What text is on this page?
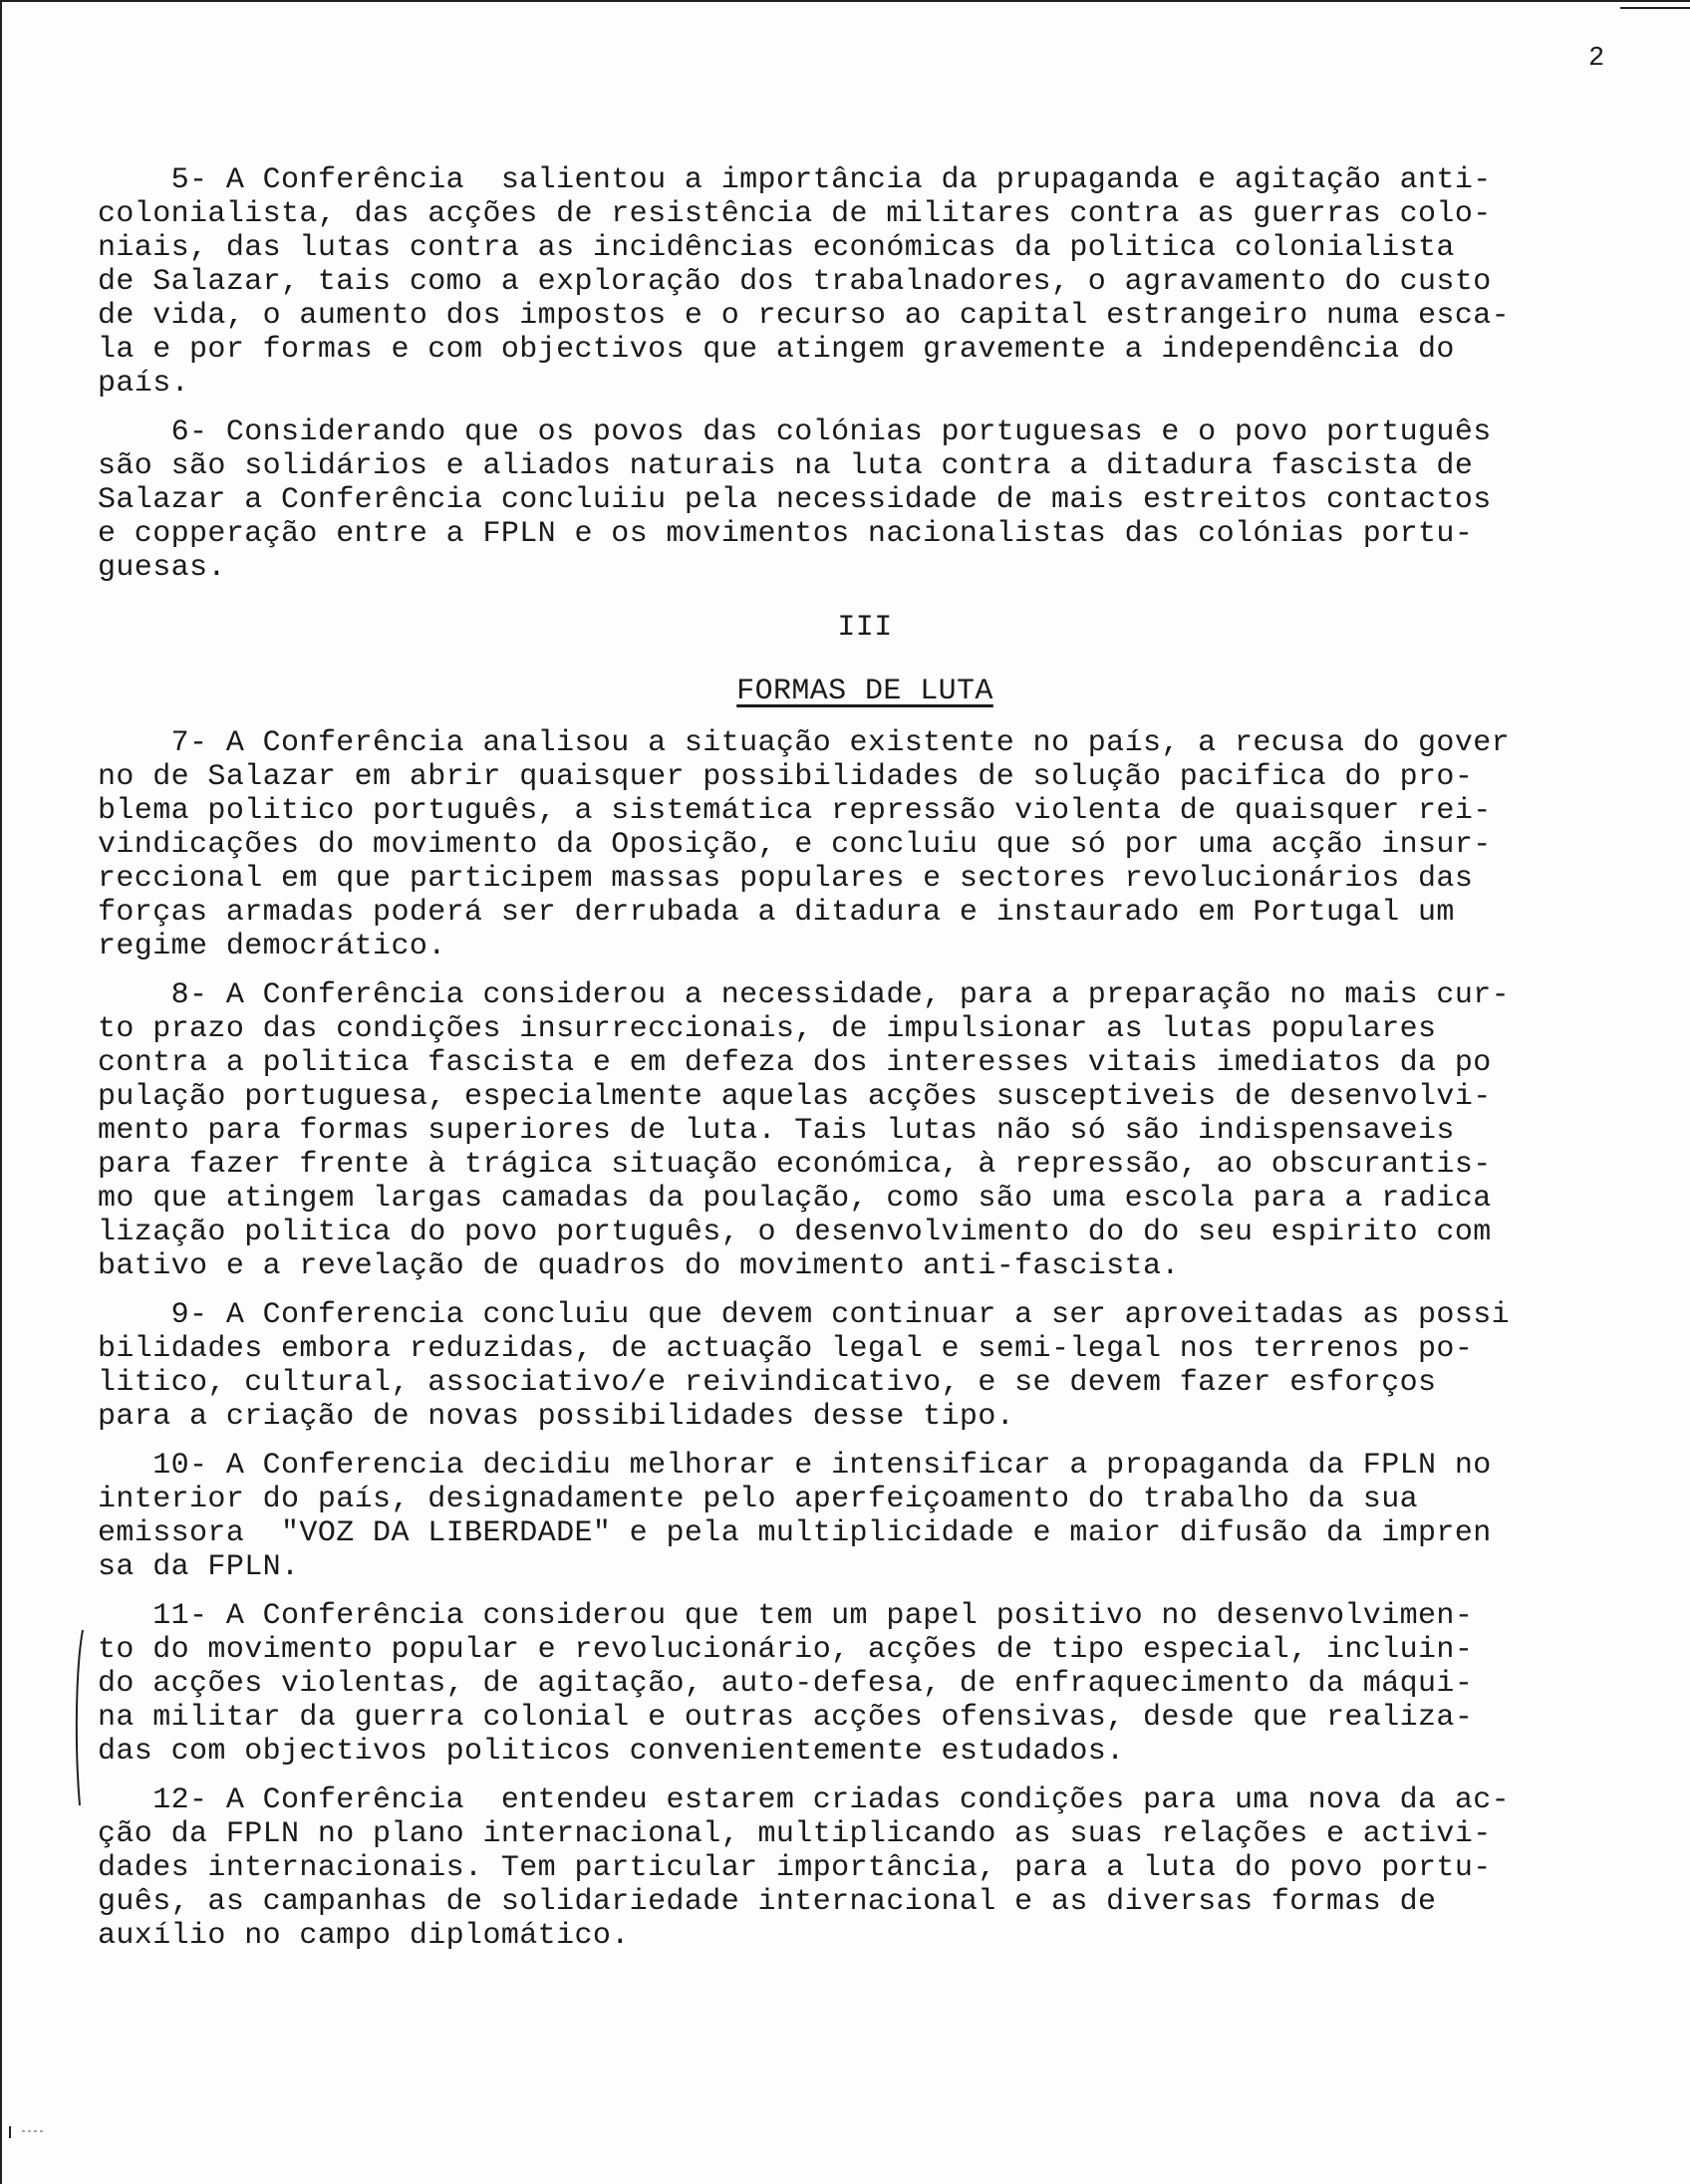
2
5- A Conferência  salientou a importância da prupaganda e agitação anti-
colonialista, das acções de resistência de militares contra as guerras colo-
niais, das lutas contra as incidências económicas da politica colonialista
de Salazar, tais como a exploração dos trabalnadores, o agravamento do custo
de vida, o aumento dos impostos e o recurso ao capital estrangeiro numa esca-
la e por formas e com objectivos que atingem gravemente a independência do
país.
6- Considerando que os povos das colónias portuguesas e o povo português
são são solidários e aliados naturais na luta contra a ditadura fascista de
Salazar a Conferência concluiiu pela necessidade de mais estreitos contactos
e copperação entre a FPLN e os movimentos nacionalistas das colónias portu-
guesas.
III
FORMAS DE LUTA
7- A Conferência analisou a situação existente no país, a recusa do gover
no de Salazar em abrir quaisquer possibilidades de solução pacifica do pro-
blema politico português, a sistemática repressão violenta de quaisquer rei-
vindicações do movimento da Oposição, e concluiu que só por uma acção insur-
reccional em que participem massas populares e sectores revolucionários das
forças armadas poderá ser derrubada a ditadura e instaurado em Portugal um
regime democrático.
8- A Conferência considerou a necessidade, para a preparação no mais cur-
to prazo das condições insurreccionais, de impulsionar as lutas populares
contra a politica fascista e em defeza dos interesses vitais imediatos da po
pulação portuguesa, especialmente aquelas acções susceptiveis de desenvolvi-
mento para formas superiores de luta. Tais lutas não só são indispensaveis
para fazer frente à trágica situação económica, à repressão, ao obscurantis-
mo que atingem largas camadas da poulação, como são uma escola para a radica
lização politica do povo português, o desenvolvimento do do seu espirito com
bativo e a revelação de quadros do movimento anti-fascista.
9- A Conferencia concluiu que devem continuar a ser aproveitadas as possi
bilidades embora reduzidas, de actuação legal e semi-legal nos terrenos po-
litico, cultural, associativo/e reivindicativo, e se devem fazer esforços
para a criação de novas possibilidades desse tipo.
10- A Conferencia decidiu melhorar e intensificar a propaganda da FPLN no
interior do país, designadamente pelo aperfeiçoamento do trabalho da sua
emissora  "VOZ DA LIBERDADE" e pela multiplicidade e maior difusão da impren
sa da FPLN.
11- A Conferência considerou que tem um papel positivo no desenvolvimen-
to do movimento popular e revolucionário, acções de tipo especial, incluin-
do acções violentas, de agitação, auto-defesa, de enfraquecimento da máqui-
na militar da guerra colonial e outras acções ofensivas, desde que realiza-
das com objectivos politicos convenientemente estudados.
12- A Conferência  entendeu estarem criadas condições para uma nova da ac-
ção da FPLN no plano internacional, multiplicando as suas relações e activi-
dades internacionais. Tem particular importância, para a luta do povo portu-
guês, as campanhas de solidariedade internacional e as diversas formas de
auxílio no campo diplomático.
